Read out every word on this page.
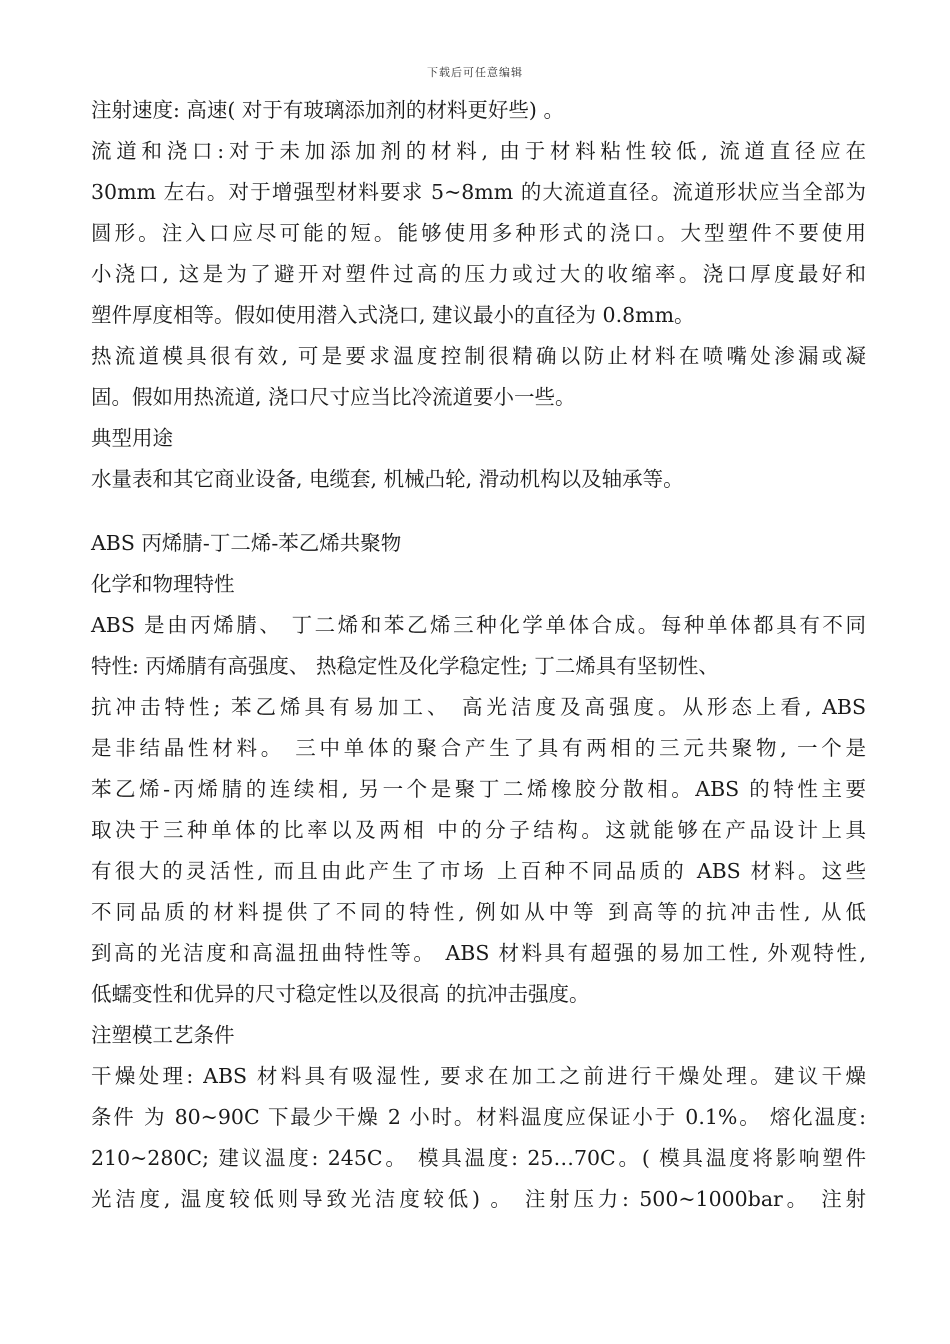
下载后可任意编辑
注射速度: 高速( 对于有玻璃添加剂的材料更好些) 。
流道和浇口:对于未加添加剂的材料, 由于材料粘性较低, 流道直径应在
30mm 左右。对于增强型材料要求 5~8mm 的大流道直径。流道形状应当全部为
圆形。注入口应尽可能的短。能够使用多种形式的浇口。大型塑件不要使用
小浇口, 这是为了避开对塑件过高的压力或过大的收缩率。浇口厚度最好和
塑件厚度相等。假如使用潜入式浇口, 建议最小的直径为 0.8mm。
热流道模具很有效, 可是要求温度控制很精确以防止材料在喷嘴处渗漏或凝
固。假如用热流道, 浇口尺寸应当比冷流道要小一些。
典型用途
水量表和其它商业设备, 电缆套, 机械凸轮, 滑动机构以及轴承等。
ABS 丙烯腈-丁二烯-苯乙烯共聚物
化学和物理特性
ABS 是由丙烯腈、 丁二烯和苯乙烯三种化学单体合成。每种单体都具有不同
特性: 丙烯腈有高强度、 热稳定性及化学稳定性; 丁二烯具有坚韧性、
抗冲击特性; 苯乙烯具有易加工、 高光洁度及高强度。从形态上看, ABS
是非结晶性材料。 三中单体的聚合产生了具有两相的三元共聚物, 一个是
苯乙烯-丙烯腈的连续相, 另一个是聚丁二烯橡胶分散相。ABS 的特性主要
取决于三种单体的比率以及两相 中的分子结构。这就能够在产品设计上具
有很大的灵活性, 而且由此产生了市场 上百种不同品质的 ABS 材料。这些
不同品质的材料提供了不同的特性, 例如从中等 到高等的抗冲击性, 从低
到高的光洁度和高温扭曲特性等。 ABS 材料具有超强的易加工性, 外观特性,
低蠕变性和优异的尺寸稳定性以及很高 的抗冲击强度。
注塑模工艺条件
干燥处理: ABS 材料具有吸湿性, 要求在加工之前进行干燥处理。建议干燥
条件 为 80~90C 下最少干燥 2 小时。材料温度应保证小于 0.1%。 熔化温度:
210~280C; 建议温度: 245C。 模具温度: 25…70C。( 模具温度将影响塑件
光洁度, 温度较低则导致光洁度较低) 。 注射压力: 500~1000bar。 注射
